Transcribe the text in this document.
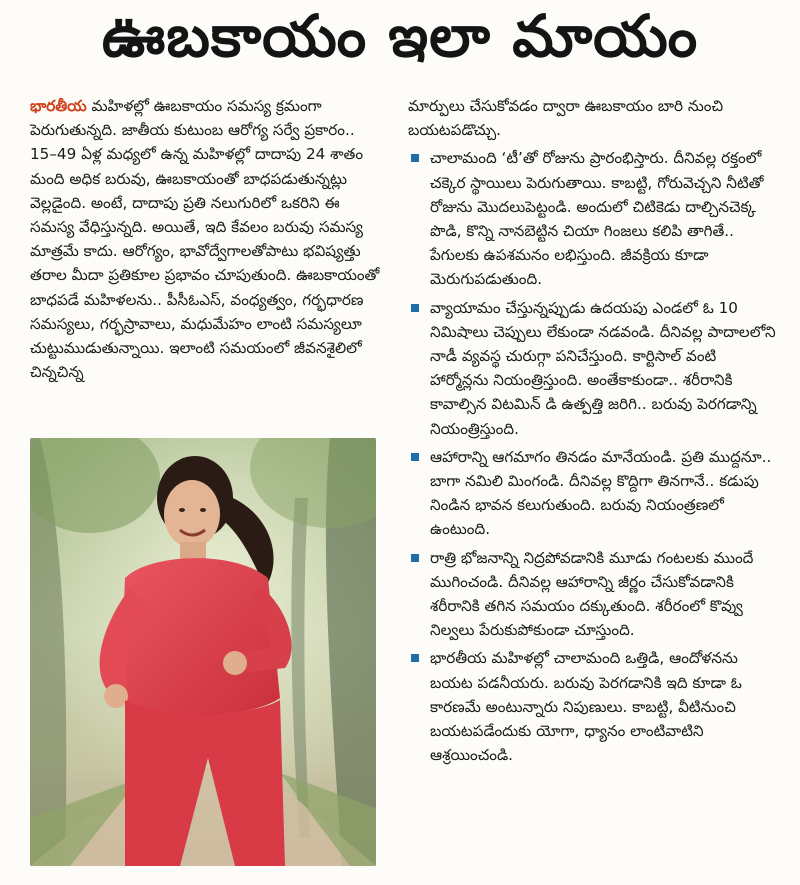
ఊబకాయం ఇలా మాయం

భారతీయ మహిళల్లో ఊబకాయం సమస్య క్రమంగా పెరుగుతున్నది. జాతీయ కుటుంబ ఆరోగ్య సర్వే ప్రకారం.. 15–49 ఏళ్ల మధ్యలో ఉన్న మహిళల్లో దాదాపు 24 శాతం మంది అధిక బరువు, ఊబకాయంతో బాధపడుతున్నట్లు వెల్లడైంది. అంటే, దాదాపు ప్రతి నలుగురిలో ఒకరిని ఈ సమస్య వేధిస్తున్నది. అయితే, ఇది కేవలం బరువు సమస్య మాత్రమే కాదు. ఆరోగ్యం, భావోద్వేగాలతోపాటు భవిష్యత్తు తరాల మీదా ప్రతికూల ప్రభావం చూపుతుంది. ఊబకాయంతో బాధపడే మహిళలను.. పీసీఓఎస్, వంధ్యత్వం, గర్భధారణ సమస్యలు, గర్భస్రావాలు, మధుమేహం లాంటి సమస్యలూ చుట్టుముడుతున్నాయి. ఇలాంటి సమయంలో జీవనశైలిలో చిన్నచిన్న

మార్పులు చేసుకోవడం ద్వారా ఊబకాయం బారి నుంచి బయటపడొచ్చు.

చాలామంది ‘టీ’తో రోజును ప్రారంభిస్తారు. దీనివల్ల రక్తంలో చక్కెర స్థాయిలు పెరుగుతాయి. కాబట్టి, గోరువెచ్చని నీటితో రోజును మొదలుపెట్టండి. అందులో చిటికెడు దాల్చినచెక్క పొడి, కొన్ని నానబెట్టిన చియా గింజలు కలిపి తాగితే.. పేగులకు ఉపశమనం లభిస్తుంది. జీవక్రియ కూడా మెరుగుపడుతుంది.
వ్యాయామం చేస్తున్నప్పుడు ఉదయపు ఎండలో ఓ 10 నిమిషాలు చెప్పులు లేకుండా నడవండి. దీనివల్ల పాదాలలోని నాడీ వ్యవస్థ చురుగ్గా పనిచేస్తుంది. కార్టిసాల్ వంటి హార్మోన్లను నియంత్రిస్తుంది. అంతేకాకుండా.. శరీరానికి కావాల్సిన విటమిన్ డి ఉత్పత్తి జరిగి.. బరువు పెరగడాన్ని నియంత్రిస్తుంది.
ఆహారాన్ని ఆగమాగం తినడం మానేయండి. ప్రతి ముద్దనూ.. బాగా నమిలి మింగండి. దీనివల్ల కొద్దిగా తినగానే.. కడుపు నిండిన భావన కలుగుతుంది. బరువు నియంత్రణలో ఉంటుంది.
రాత్రి భోజనాన్ని నిద్రపోవడానికి మూడు గంటలకు ముందే ముగించండి. దీనివల్ల ఆహారాన్ని జీర్ణం చేసుకోవడానికి శరీరానికి తగిన సమయం దక్కుతుంది. శరీరంలో కొవ్వు నిల్వలు పేరుకుపోకుండా చూస్తుంది.
భారతీయ మహిళల్లో చాలామంది ఒత్తిడి, ఆందోళనను బయట పడనీయరు. బరువు పెరగడానికి ఇది కూడా ఓ కారణమే అంటున్నారు నిపుణులు. కాబట్టి, వీటినుంచి బయటపడేందుకు యోగా, ధ్యానం లాంటివాటిని ఆశ్రయించండి.
